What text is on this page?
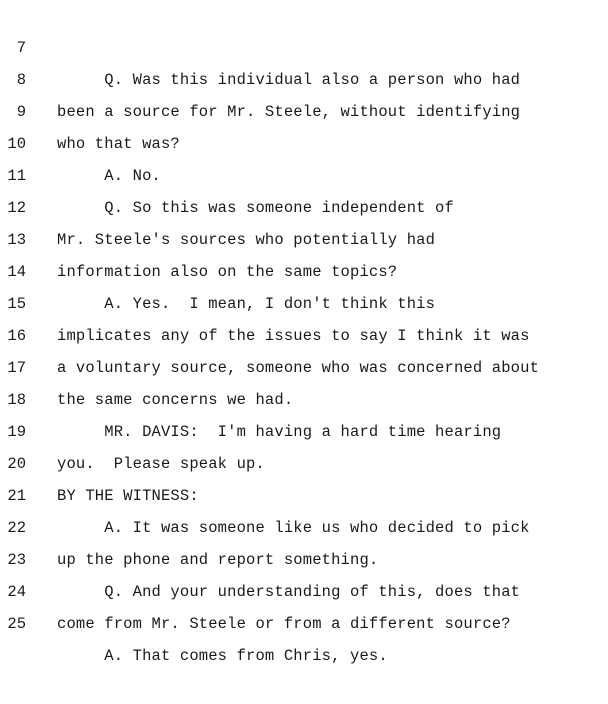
7

Q. Was this individual also a person who had

8

been a source for Mr. Steele, without identifying

9

who that was?

10

A. No.

11

Q. So this was someone independent of

12

Mr. Steele's sources who potentially had

13

information also on the same topics?

14

A. Yes.  I mean, I don't think this

15

implicates any of the issues to say I think it was

16

a voluntary source, someone who was concerned about

17

the same concerns we had.

18

MR. DAVIS:  I'm having a hard time hearing

19

you.  Please speak up.

20

BY THE WITNESS:

21

A. It was someone like us who decided to pick

22

up the phone and report something.

23

Q. And your understanding of this, does that

24

come from Mr. Steele or from a different source?

25

A. That comes from Chris, yes.
